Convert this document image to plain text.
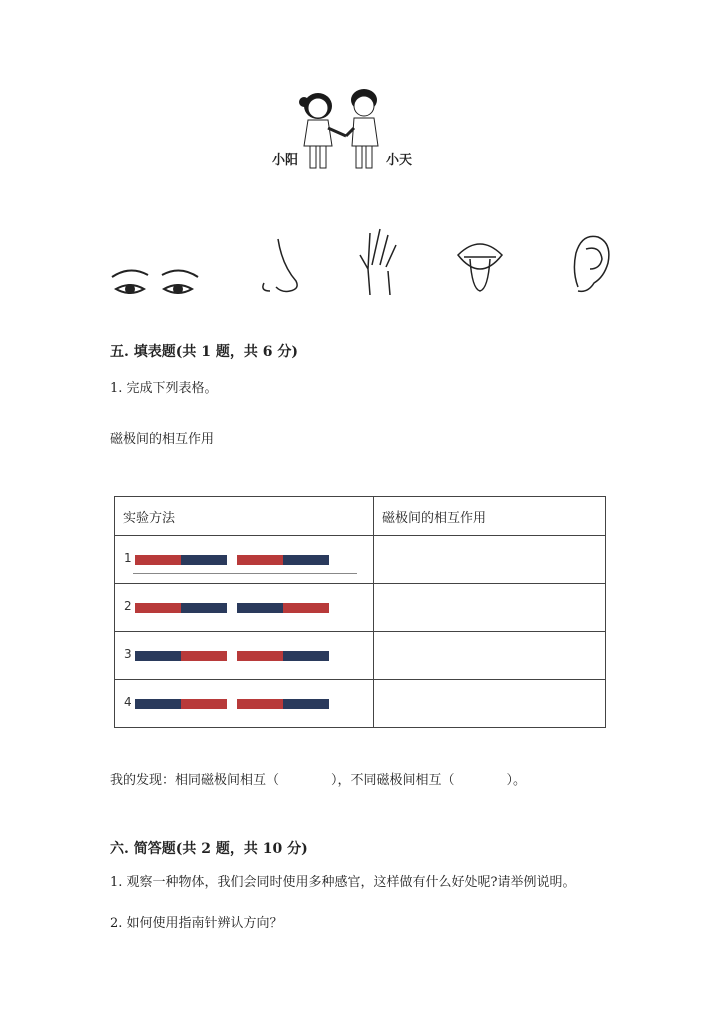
小阳	小天
五. 填表题(共 1 题，共 6 分)
1. 完成下列表格。
磁极间的相互作用
实验方法	磁极间的相互作用

1	

2	

3	

4	

我的发现：相同磁极间相互（　　　　），不同磁极间相互（　　　　）。
六. 简答题(共 2 题，共 10 分)
1. 观察一种物体，我们会同时使用多种感官，这样做有什么好处呢?请举例说明。
2. 如何使用指南针辨认方向？
